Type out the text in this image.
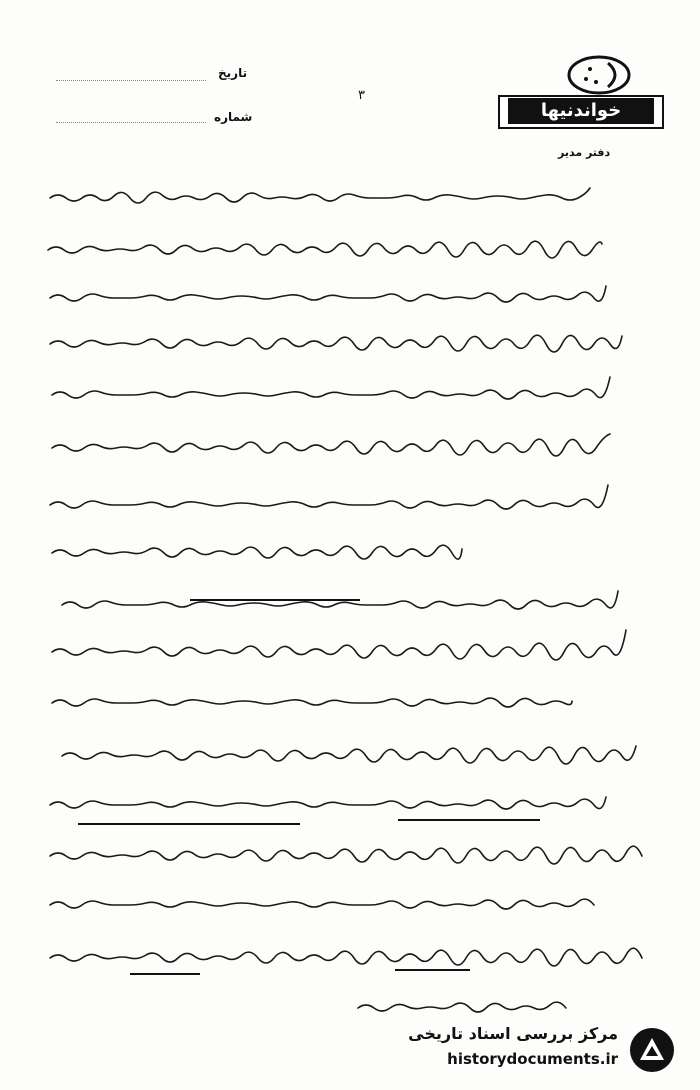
تاریخ
شماره
۳
خواندنیها
دفتر مدیر
مرکز بررسی اسناد تاریخی
historydocuments.ir
